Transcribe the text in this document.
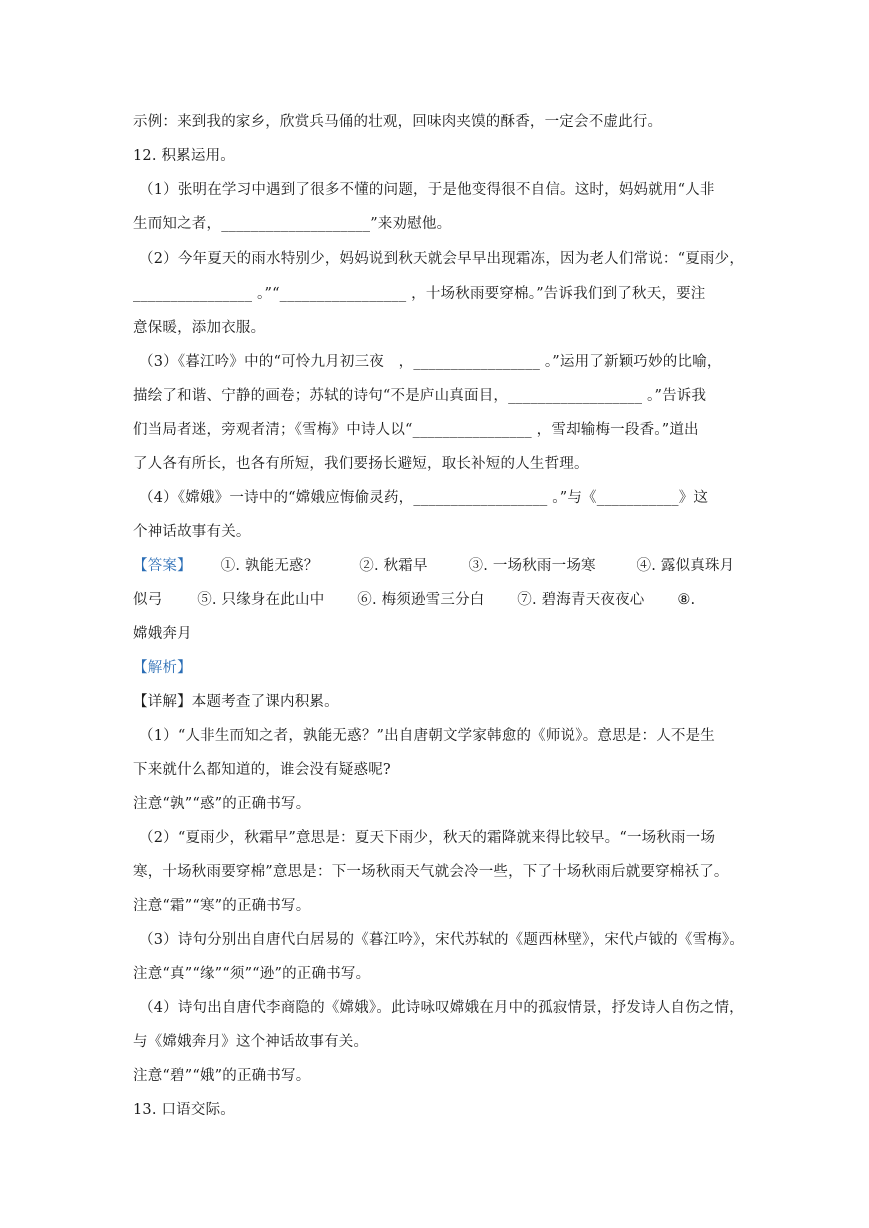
示例：来到我的家乡，欣赏兵马俑的壮观，回味肉夹馍的酥香，一定会不虚此行。
12. 积累运用。
（1）张明在学习中遇到了很多不懂的问题，于是他变得很不自信。这时，妈妈就用“人非
生而知之者，____________________”来劝慰他。
（2）今年夏天的雨水特别少，妈妈说到秋天就会早早出现霜冻，因为老人们常说：“夏雨少，
________________ 。”“_________________ ，十场秋雨要穿棉。”告诉我们到了秋天，要注
意保暖，添加衣服。
（3）《暮江吟》中的“可怜九月初三夜　，_________________ 。”运用了新颖巧妙的比喻，
描绘了和谐、宁静的画卷；苏轼的诗句“不是庐山真面目，__________________ 。”告诉我
们当局者迷，旁观者清；《雪梅》中诗人以“________________ ，雪却输梅一段香。”道出
了人各有所长，也各有所短，我们要扬长避短，取长补短的人生哲理。
（4）《嫦娥》一诗中的“嫦娥应悔偷灵药，__________________ 。”与《___________》这
个神话故事有关。
【答案】 ①. 孰能无惑？	②. 秋霜早	③. 一场秋雨一场寒	④. 露似真珠月
似弓 ⑤. 只缘身在此山中 ⑥. 梅须逊雪三分白 ⑦. 碧海青天夜夜心 ⑧.
嫦娥奔月
【解析】
【详解】本题考查了课内积累。
（1）“人非生而知之者，孰能无惑？”出自唐朝文学家韩愈的《师说》。意思是：人不是生
下来就什么都知道的，谁会没有疑惑呢?
注意“孰”“惑”的正确书写。
（2）“夏雨少，秋霜早”意思是：夏天下雨少，秋天的霜降就来得比较早。“一场秋雨一场
寒，十场秋雨要穿棉”意思是：下一场秋雨天气就会冷一些，下了十场秋雨后就要穿棉袄了。
注意“霜”“寒”的正确书写。
（3）诗句分别出自唐代白居易的《暮江吟》，宋代苏轼的《题西林壁》，宋代卢钺的《雪梅》。
注意“真”“缘”“须”“逊”的正确书写。
（4）诗句出自唐代李商隐的《嫦娥》。此诗咏叹嫦娥在月中的孤寂情景，抒发诗人自伤之情，
与《嫦娥奔月》这个神话故事有关。
注意“碧”“娥”的正确书写。
13. 口语交际。
